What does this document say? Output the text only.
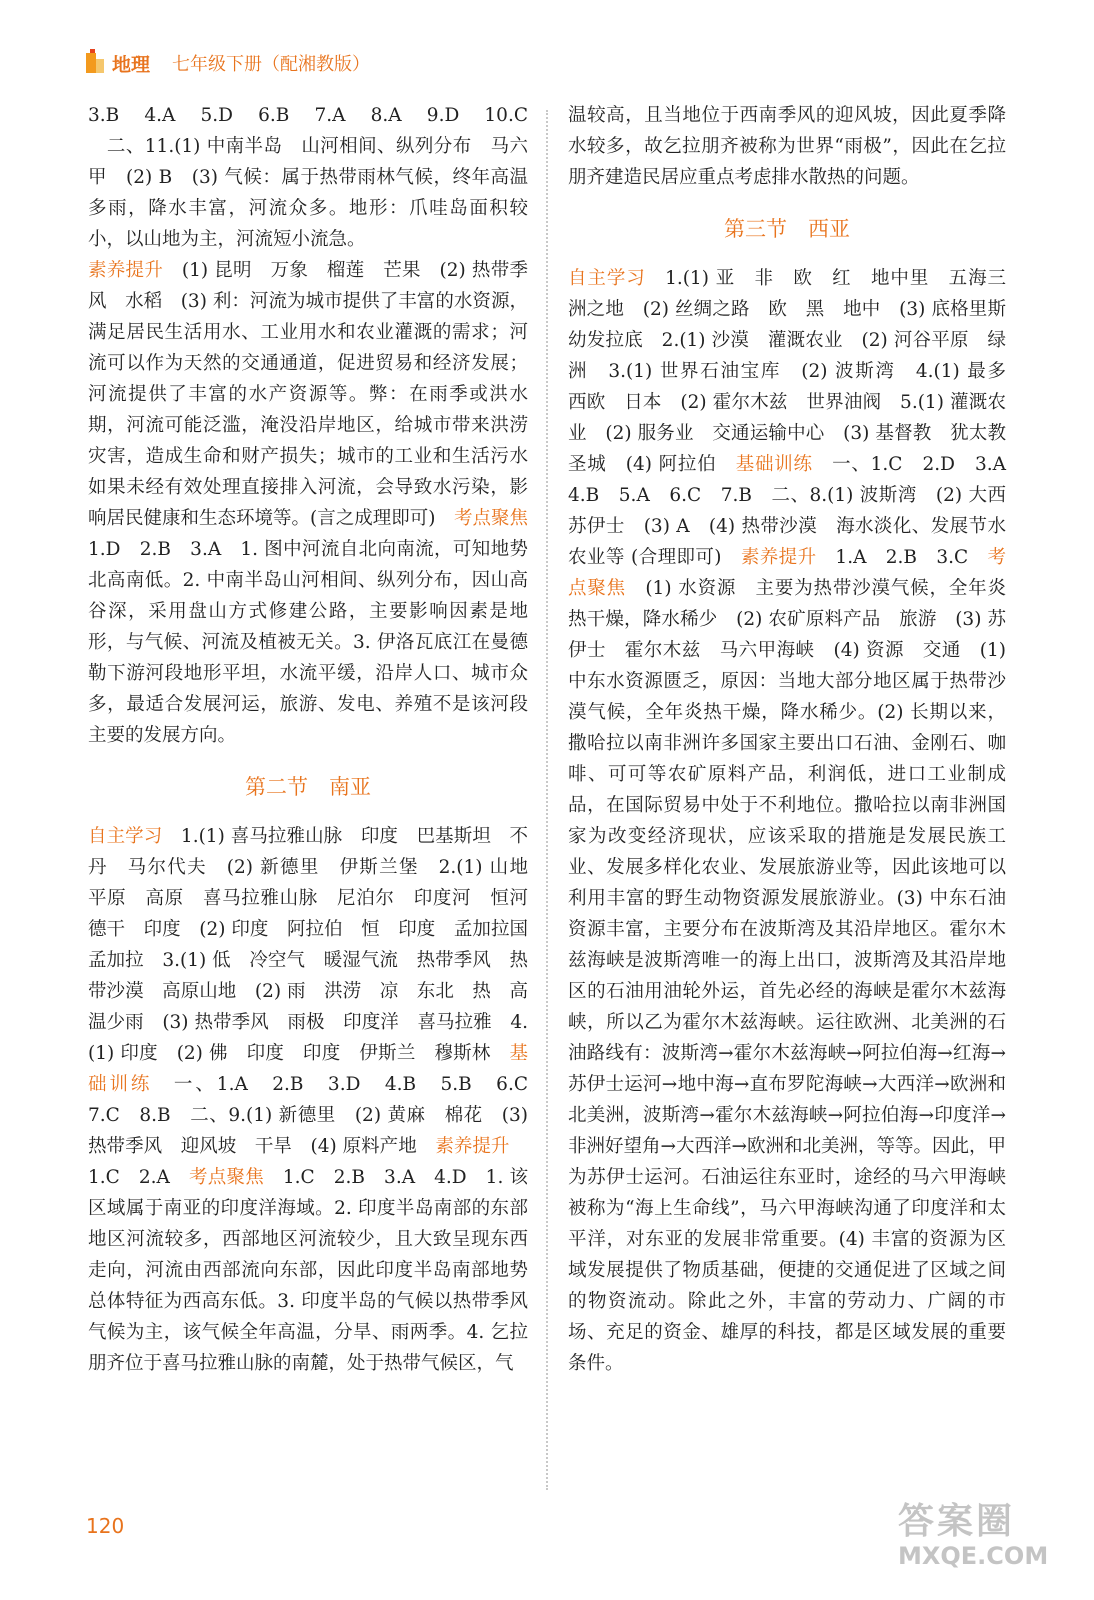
地理 七年级下册（配湘教版）

3.B　4.A　5.D　6.B　7.A　8.A　9.D　10.C 　二、11.(1) 中南半岛　山河相间、纵列分布　马六甲　(2) B　(3) 气候：属于热带雨林气候，终年高温多雨，降水丰富，河流众多。地形：爪哇岛面积较小，以山地为主，河流短小流急。

素养提升　(1) 昆明　万象　榴莲　芒果　(2) 热带季风　水稻　(3) 利：河流为城市提供了丰富的水资源，满足居民生活用水、工业用水和农业灌溉的需求；河流可以作为天然的交通通道，促进贸易和经济发展；河流提供了丰富的水产资源等。弊：在雨季或洪水期，河流可能泛滥，淹没沿岸地区，给城市带来洪涝灾害，造成生命和财产损失；城市的工业和生活污水如果未经有效处理直接排入河流，会导致水污染，影响居民健康和生态环境等。(言之成理即可)　考点聚焦　1.D　2.B　3.A　1. 图中河流自北向南流，可知地势北高南低。2. 中南半岛山河相间、纵列分布，因山高谷深，采用盘山方式修建公路，主要影响因素是地形，与气候、河流及植被无关。3. 伊洛瓦底江在曼德勒下游河段地形平坦，水流平缓，沿岸人口、城市众多，最适合发展河运，旅游、发电、养殖不是该河段主要的发展方向。

第二节　南亚

自主学习　1.(1) 喜马拉雅山脉　印度　巴基斯坦　不丹　马尔代夫　(2) 新德里　伊斯兰堡　2.(1) 山地　平原　高原　喜马拉雅山脉　尼泊尔　印度河　恒河　德干　印度　(2) 印度　阿拉伯　恒　印度　孟加拉国　孟加拉　3.(1) 低　冷空气　暖湿气流　热带季风　热带沙漠　高原山地　(2) 雨　洪涝　凉　东北　热　高温少雨　(3) 热带季风　雨极　印度洋　喜马拉雅　4.(1) 印度　(2) 佛　印度　印度　伊斯兰　穆斯林　基础训练　一、1.A　2.B　3.D　4.B　5.B　6.C　7.C　8.B　二、9.(1) 新德里　(2) 黄麻　棉花　(3) 热带季风　迎风坡　干旱　(4) 原料产地　素养提升　1.C　2.A　考点聚焦　1.C　2.B　3.A　4.D　1. 该区域属于南亚的印度洋海域。2. 印度半岛南部的东部地区河流较多，西部地区河流较少，且大致呈现东西走向，河流由西部流向东部，因此印度半岛南部地势总体特征为西高东低。3. 印度半岛的气候以热带季风气候为主，该气候全年高温，分旱、雨两季。4. 乞拉朋齐位于喜马拉雅山脉的南麓，处于热带气候区，气

温较高，且当地位于西南季风的迎风坡，因此夏季降水较多，故乞拉朋齐被称为世界“雨极”，因此在乞拉朋齐建造民居应重点考虑排水散热的问题。

第三节　西亚

自主学习　1.(1) 亚　非　欧　红　地中里　五海三洲之地　(2) 丝绸之路　欧　黑　地中　(3) 底格里斯　幼发拉底　2.(1) 沙漠　灌溉农业　(2) 河谷平原　绿洲　3.(1) 世界石油宝库　(2) 波斯湾　4.(1) 最多　西欧　日本　(2) 霍尔木兹　世界油阀　5.(1) 灌溉农业　(2) 服务业　交通运输中心　(3) 基督教　犹太教　圣城　(4) 阿拉伯　基础训练　一、1.C　2.D　3.A　4.B　5.A　6.C　7.B　二、8.(1) 波斯湾　(2) 大西　苏伊士　(3) A　(4) 热带沙漠　海水淡化、发展节水农业等 (合理即可)　素养提升　1.A　2.B　3.C　考点聚焦　(1) 水资源　主要为热带沙漠气候，全年炎热干燥，降水稀少　(2) 农矿原料产品　旅游　(3) 苏伊士　霍尔木兹　马六甲海峡　(4) 资源　交通　(1) 中东水资源匮乏，原因：当地大部分地区属于热带沙漠气候，全年炎热干燥，降水稀少。(2) 长期以来，撒哈拉以南非洲许多国家主要出口石油、金刚石、咖啡、可可等农矿原料产品，利润低，进口工业制成品，在国际贸易中处于不利地位。撒哈拉以南非洲国家为改变经济现状，应该采取的措施是发展民族工业、发展多样化农业、发展旅游业等，因此该地可以利用丰富的野生动物资源发展旅游业。(3) 中东石油资源丰富，主要分布在波斯湾及其沿岸地区。霍尔木兹海峡是波斯湾唯一的海上出口，波斯湾及其沿岸地区的石油用油轮外运，首先必经的海峡是霍尔木兹海峡，所以乙为霍尔木兹海峡。运往欧洲、北美洲的石油路线有：波斯湾→霍尔木兹海峡→阿拉伯海→红海→苏伊士运河→地中海→直布罗陀海峡→大西洋→欧洲和北美洲，波斯湾→霍尔木兹海峡→阿拉伯海→印度洋→非洲好望角→大西洋→欧洲和北美洲，等等。因此，甲为苏伊士运河。石油运往东亚时，途经的马六甲海峡被称为“海上生命线”，马六甲海峡沟通了印度洋和太平洋，对东亚的发展非常重要。(4) 丰富的资源为区域发展提供了物质基础，便捷的交通促进了区域之间的物资流动。除此之外，丰富的劳动力、广阔的市场、充足的资金、雄厚的科技，都是区域发展的重要条件。

120	答案圈
MXQE.COM
